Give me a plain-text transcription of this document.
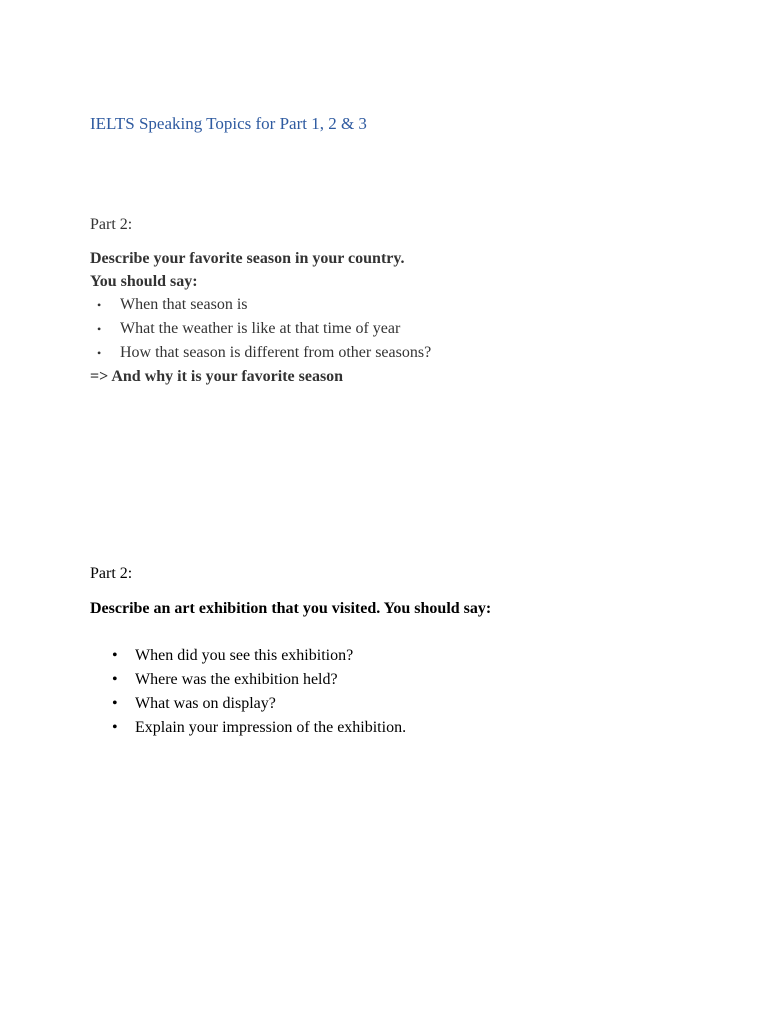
IELTS Speaking Topics for Part 1, 2 & 3

Part 2:

Describe your favorite season in your country.

You should say:

• When that season is
• What the weather is like at that time of year
• How that season is different from other seasons?

=> And why it is your favorite season

Part 2:

Describe an art exhibition that you visited. You should say:

• When did you see this exhibition?
• Where was the exhibition held?
• What was on display?
• Explain your impression of the exhibition.
